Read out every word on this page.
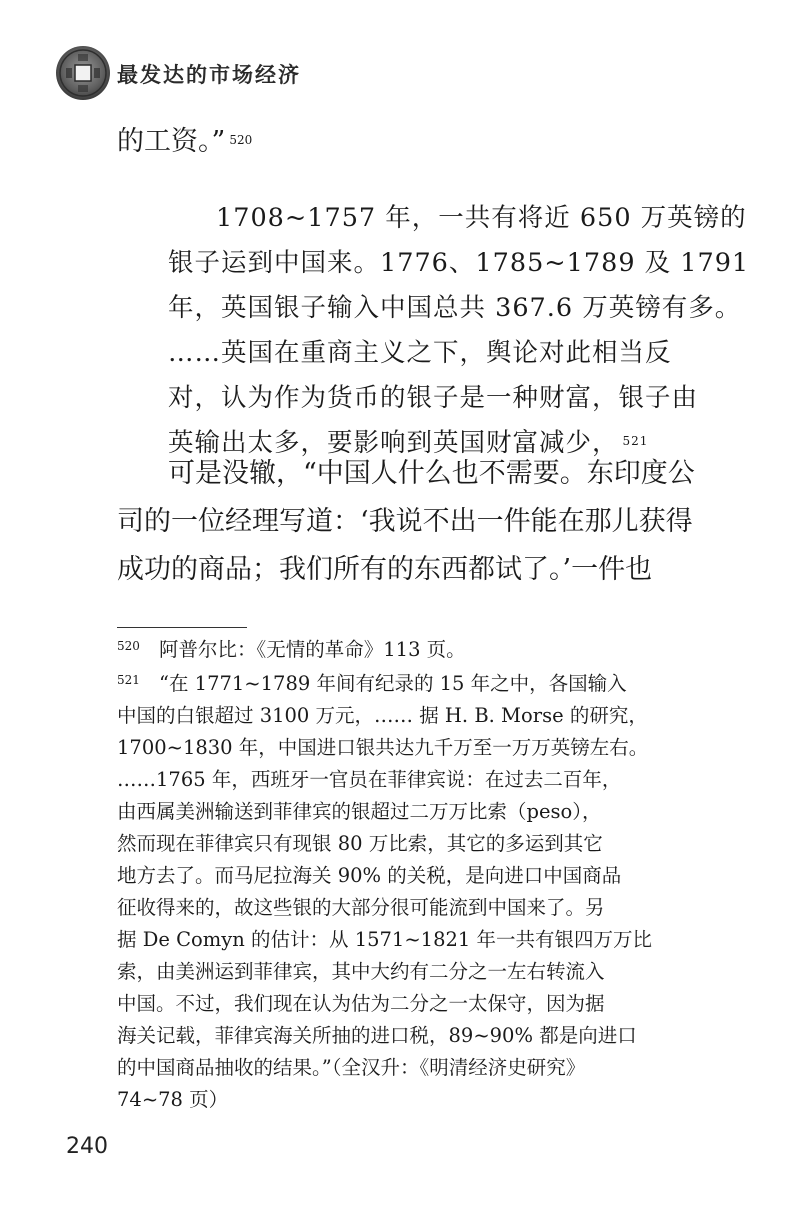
最发达的市场经济

的工资。” $^{520}$

1708~1757 年，一共有将近 650 万英镑的

银子运到中国来。1776、1785~1789 及 1791

年，英国银子输入中国总共 367.6 万英镑有多。

……英国在重商主义之下，舆论对此相当反

对，认为作为货币的银子是一种财富，银子由

英输出太多，要影响到英国财富减少， $^{521}$

可是没辙，“中国人什么也不需要。东印度公

司的一位经理写道：‘我说不出一件能在那儿获得

成功的商品；我们所有的东西都试了。’一件也

520 阿普尔比：《无情的革命》113 页。
521 “在 1771~1789 年间有纪录的 15 年之中，各国输入
中国的白银超过 3100 万元，…… 据 H. B. Morse 的研究，
1700~1830 年，中国进口银共达九千万至一万万英镑左右。
……1765 年，西班牙一官员在菲律宾说：在过去二百年，
由西属美洲输送到菲律宾的银超过二万万比索（peso），
然而现在菲律宾只有现银 80 万比索，其它的多运到其它
地方去了。而马尼拉海关 90% 的关税，是向进口中国商品
征收得来的，故这些银的大部分很可能流到中国来了。另
据 De Comyn 的估计：从 1571~1821 年一共有银四万万比
索，由美洲运到菲律宾，其中大约有二分之一左右转流入
中国。不过，我们现在认为估为二分之一太保守，因为据
海关记载，菲律宾海关所抽的进口税，89~90% 都是向进口
的中国商品抽收的结果。”（全汉升：《明清经济史研究》
74~78 页）
240
